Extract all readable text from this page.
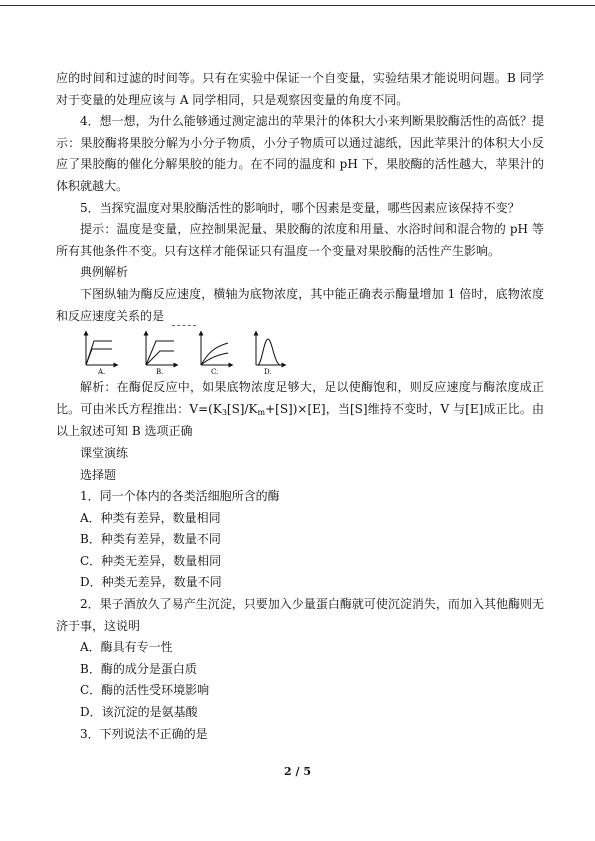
应的时间和过滤的时间等。只有在实验中保证一个自变量，实验结果才能说明问题。B 同学对于变量的处理应该与 A 同学相同，只是观察因变量的角度不同。

4．想一想，为什么能够通过测定滤出的苹果汁的体积大小来判断果胶酶活性的高低？提示：果胶酶将果胶分解为小分子物质，小分子物质可以通过滤纸，因此苹果汁的体积大小反应了果胶酶的催化分解果胶的能力。在不同的温度和 pH 下，果胶酶的活性越大，苹果汁的体积就越大。

5．当探究温度对果胶酶活性的影响时，哪个因素是变量，哪些因素应该保持不变？

提示：温度是变量，应控制果泥量、果胶酶的浓度和用量、水浴时间和混合物的 pH 等所有其他条件不变。只有这样才能保证只有温度一个变量对果胶酶的活性产生影响。

典例解析

下图纵轴为酶反应速度，横轴为底物浓度，其中能正确表示酶量增加 1 倍时，底物浓度和反应速度关系的是

A.	B.	C.	D.

解析：在酶促反应中，如果底物浓度足够大，足以使酶饱和，则反应速度与酶浓度成正比。可由米氏方程推出：V=(K3[S]/Km+[S])×[E]，当[S]维持不变时，V 与[E]成正比。由以上叙述可知 B 选项正确

课堂演练

选择题

1．同一个体内的各类活细胞所含的酶

A．种类有差异，数量相同

B．种类有差异，数量不同

C．种类无差异，数量相同

D．种类无差异，数量不同

2．果子酒放久了易产生沉淀，只要加入少量蛋白酶就可使沉淀消失，而加入其他酶则无济于事，这说明

A．酶具有专一性

B．酶的成分是蛋白质

C．酶的活性受环境影响

D．该沉淀的是氨基酸

3．下列说法不正确的是

2 / 5
